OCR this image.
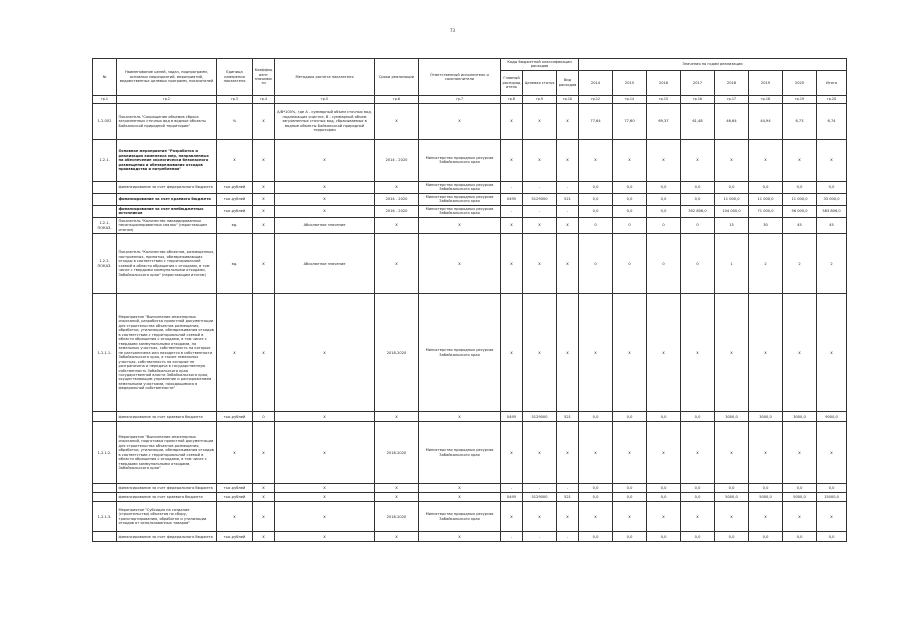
73
№	Наименование целей, задач, подпрограмм, основных мероприятий, мероприятий, ведомственных целевых программ, показателей	Единица измерения показателя	Коэффициент значимости	Методика расчета показателя	Сроки реализации	Ответственный исполнитель и соисполнители	Коды бюджетной классификации расходов			Значения по годам реализации							
							Главный распорядитель	Целевая статья	Вид расходов	2014	2015	2016	2017	2018	2019	2020	Итого
гр.1	гр.2	гр.3	гр.4	гр.5	гр.6	гр.7	гр.8	гр.9	гр.10	гр.12	гр.14	гр.15	гр.16	гр.17	гр.18	гр.19	гр.20
1.2.002	Показатель "Сокращение объемов сброса загрязненных сточных вод в водные объекты Байкальской природной территории"	%	X	A/B*100%, где A - суммарный объем сточных вод, подлежащих очистке, B - суммарный объем загрязненных сточных вод, сбрасываемых в водные объекты Байкальской природной территории	X	X	X	X	X	77,64	77,60	69,37	61,48	46,64	44,94	6,73	6,74
1.2.1.	Основное мероприятие "Разработка и реализация комплекса мер, направленных на обеспечение экологически безопасного размещения и обезвреживания отходов производства и потребления"	X	X	X	2014 - 2020	Министерство природных ресурсов Забайкальского края	X	X	X	X	X	X	X	X	X	X	X
	финансирование за счет федерального бюджета	тыс.рублей	X	X	X	Министерство природных ресурсов Забайкальского края	-	-	-	0,0	0,0	0,0	0,0	0,0	0,0	0,0	0,0
	финансирование за счет краевого бюджета	тыс.рублей	X	X	2014 - 2020	Министерство природных ресурсов Забайкальского края	0495	5129000	521	0,0	0,0	0,0	0,0	11 000,0	11 000,0	11 000,0	33 000,0
	финансирование за счет внебюджетных источников	тыс.рублей	X	X	2016 - 2020	Министерство природных ресурсов Забайкальского края	-	-	-	0,0	0,0	0,0	352 806,0	104 000,0	71 000,0	56 000,0	583 806,0
1.2.1. ПОКАЗ.	Показатель "Количество ликвидированных несанкционированных свалок" (нарастающим итогом)	ед.	X	Абсолютное значение	X	X	X	X	X	0	0	0	0	15	30	45	45
1.2.2. ПОКАЗ.	Показатель "Количество объектов, размещенных, построенных, принятых, обезвреживающих отходы в соответствии с территориальной схемой в области обращения с отходами, в том числе с твердыми коммунальными отходами, Забайкальского края" (нарастающим итогом)	ед.	X	Абсолютное значение	X	X	X	X	X	0	0	0	0	1	2	2	2
1.2.1.1.	Мероприятие "Выполнение инженерных изысканий, разработка проектной документации для строительства объектов размещения, обработки, утилизации, обезвреживания отходов в соответствии с территориальной схемой в области обращения с отходами, в том числе с твердыми коммунальными отходами, на земельных участках, собственность на которые не разграничена или находится в собственности Забайкальского края, а также земельных участках, собственность на которые не разграничена и передача в государственную собственность Забайкальского края государственной власти Забайкальского края, осуществляющим управление и распоряжением земельными участками, находящимися в федеральной собственности"	X	X	X	2018-2020	Министерство природных ресурсов Забайкальского края	X	X	X	X	X	X	X	X	X	X	X
	финансирование за счет краевого бюджета	тыс.рублей	0	X	X	X	0495	5129000	521	0,0	0,0	0,0	0,0	3000,0	3000,0	3000,0	9000,0
1.2.1.2.	Мероприятие "Выполнение инженерных изысканий, подготовка проектной документации для строительства объектов размещения, обработки, утилизации, обезвреживания отходов в соответствии с территориальной схемой в области обращения с отходами, в том числе с твердыми коммунальными отходами, Забайкальского края"	X	X	X	2018-2020	Министерство природных ресурсов Забайкальского края	X	X	X	X	X	X	X	X	X	X	X
	финансирование за счет федерального бюджета	тыс.рублей	X	X	X	X	-	-	-	0,0	0,0	0,0	0,0	0,0	0,0	0,0	0,0
	финансирование за счет краевого бюджета	тыс.рублей	X	X	X	X	0495	5129000	521	0,0	0,0	0,0	0,0	5000,0	5000,0	5000,0	15000,0
1.2.1.3.	Мероприятие "Субсидия на создание (строительство) объектов по сбору, транспортированию, обработке и утилизации отходов от использованных товаров"	X	X	X	2018-2020	Министерство природных ресурсов Забайкальского края	X	X	X	X	X	X	X	X	X	X	X
	финансирование за счет федерального бюджета	тыс.рублей	X	X	X	X	-	-	-	0,0	0,0	0,0	0,0	0,0	0,0	0,0	0,0
